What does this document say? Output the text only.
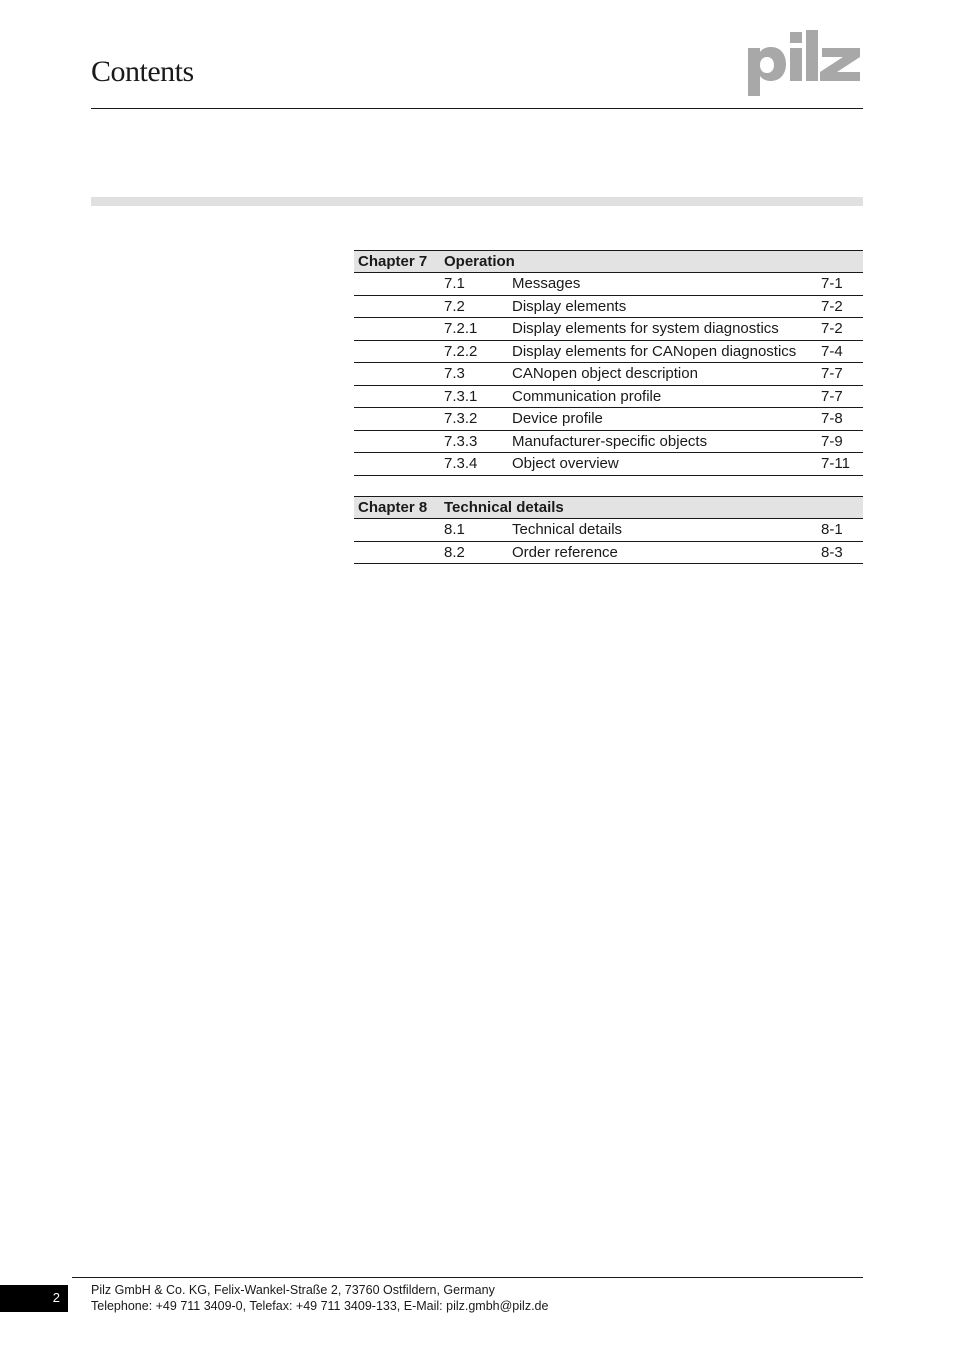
Contents
Chapter 7	Operation
7.1	Messages	7-1
7.2	Display elements	7-2
7.2.1	Display elements for system diagnostics	7-2
7.2.2	Display elements for CANopen diagnostics	7-4
7.3	CANopen object description	7-7
7.3.1	Communication profile	7-7
7.3.2	Device profile	7-8
7.3.3	Manufacturer-specific objects	7-9
7.3.4	Object overview	7-11
Chapter 8	Technical details
8.1	Technical details	8-1
8.2	Order reference	8-3
2	Pilz GmbH & Co. KG, Felix-Wankel-Straße 2, 73760 Ostfildern, Germany
Telephone: +49 711 3409-0, Telefax: +49 711 3409-133, E-Mail: pilz.gmbh@pilz.de
